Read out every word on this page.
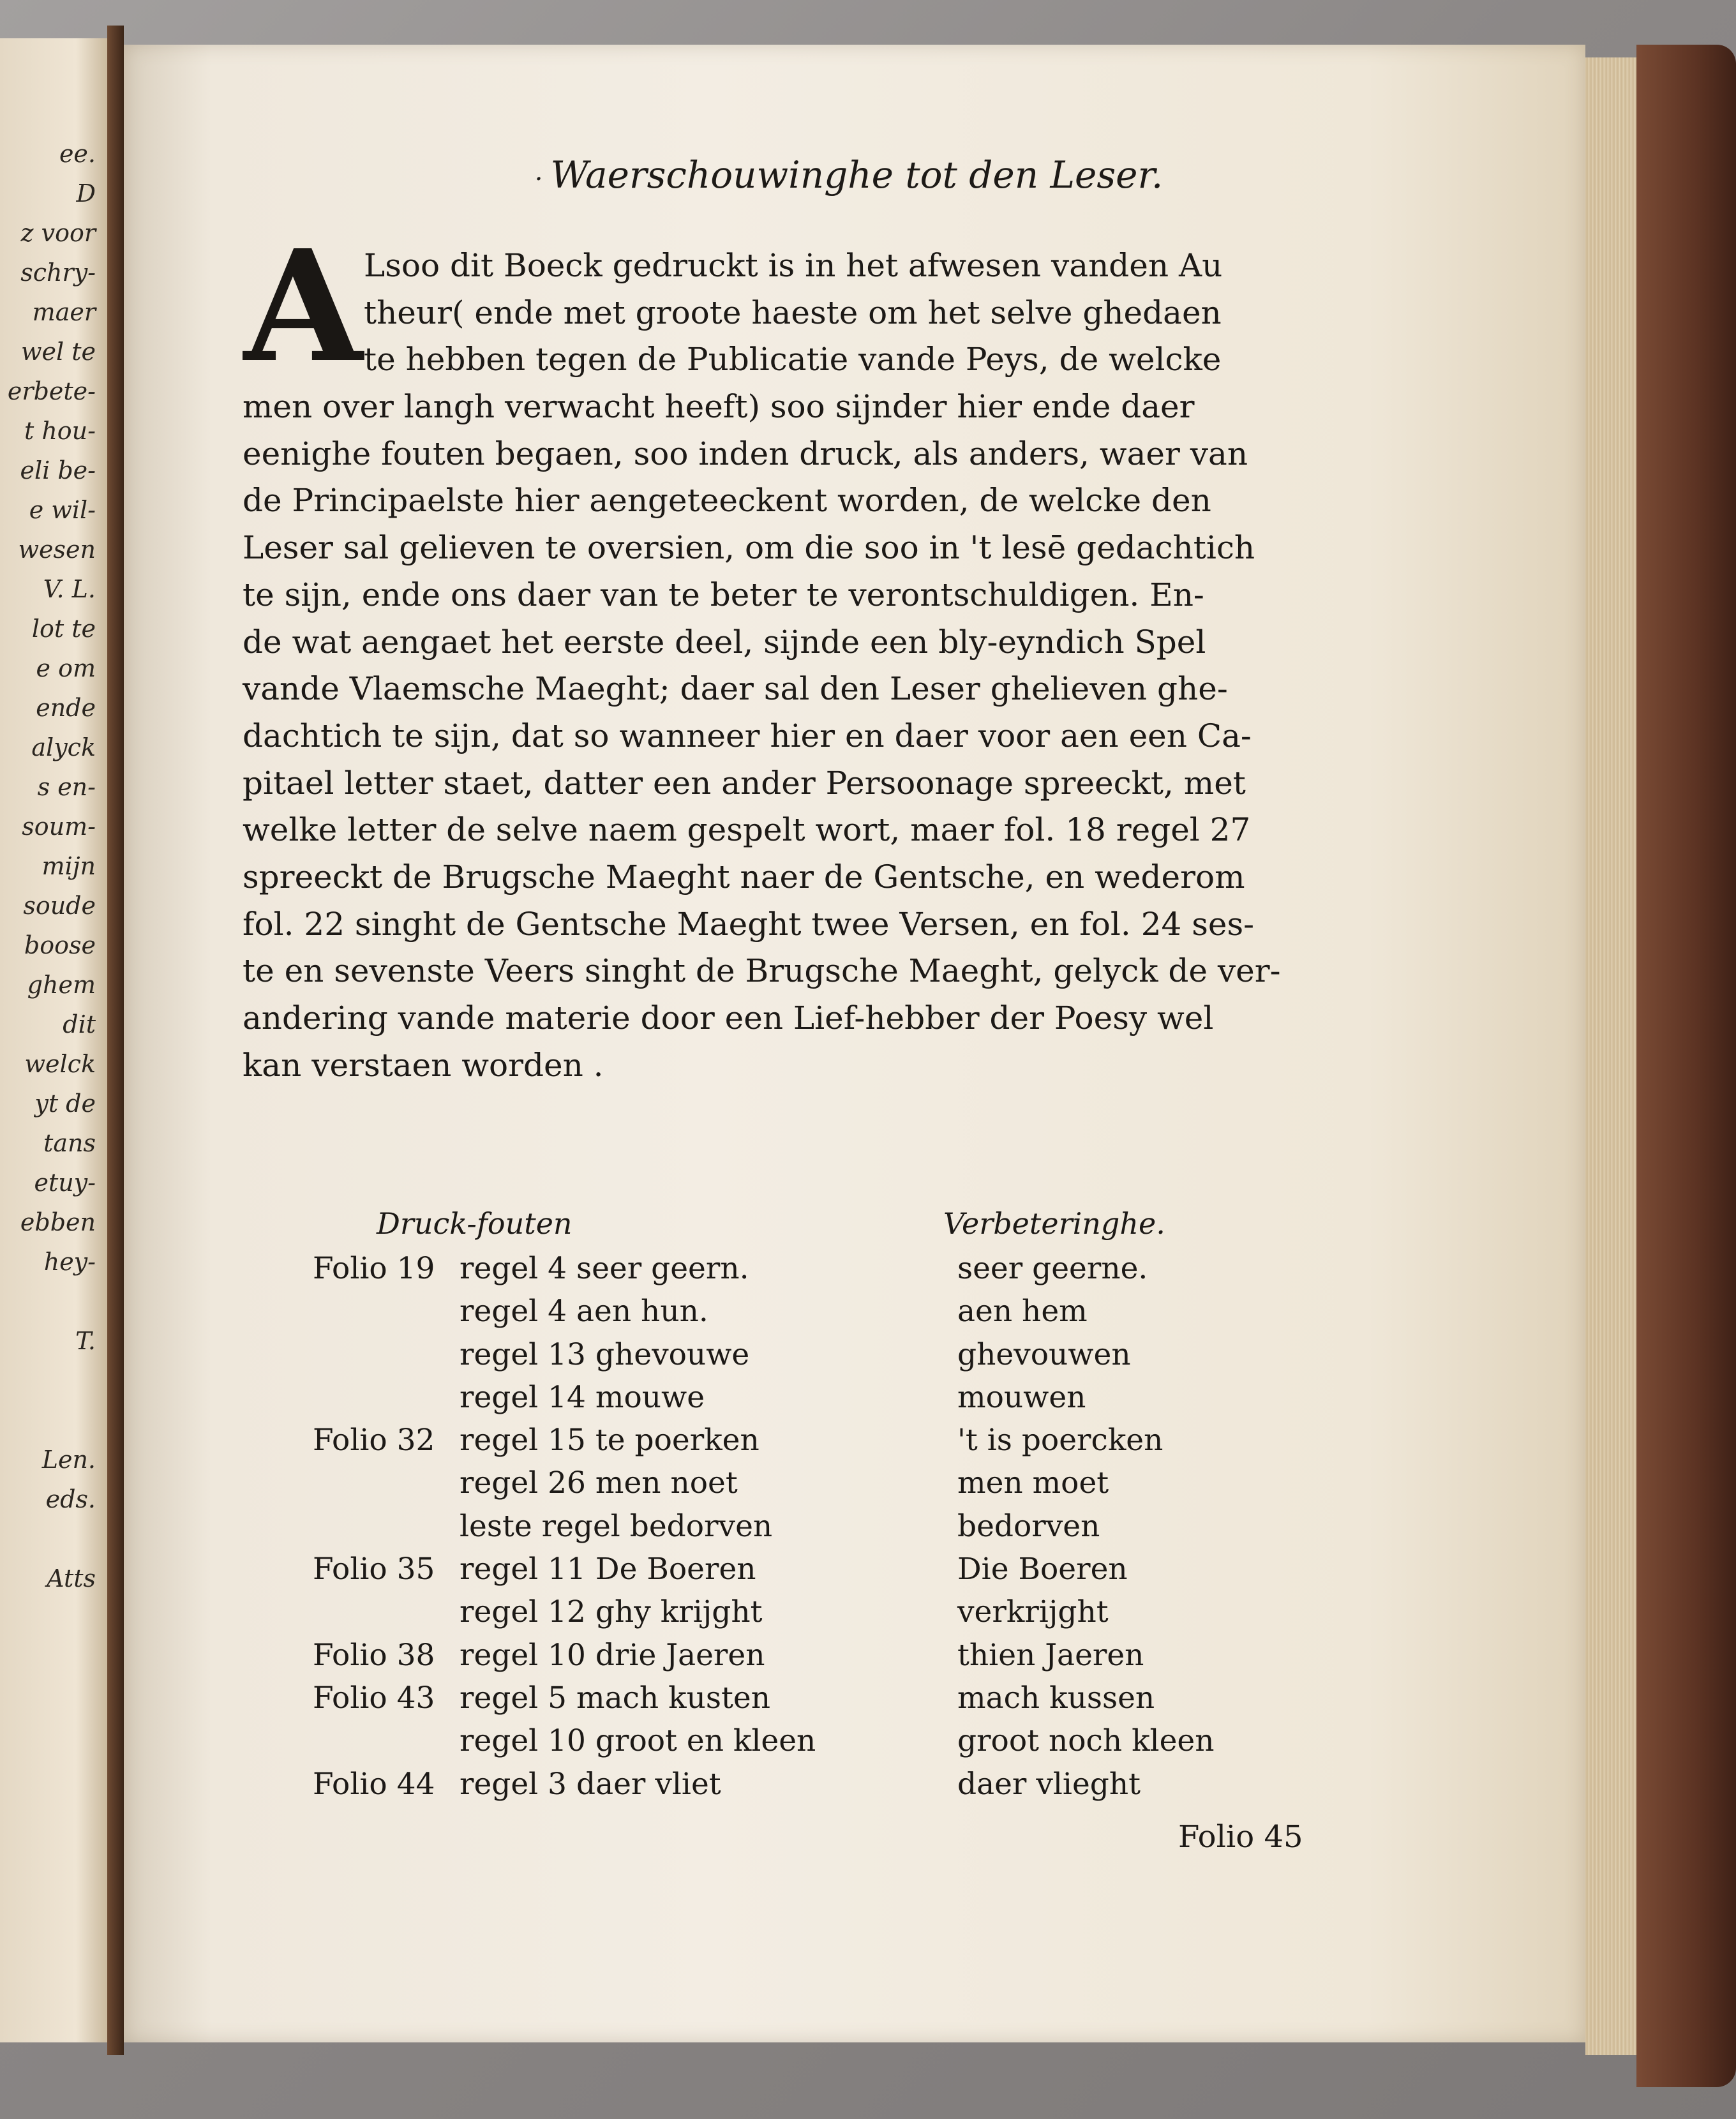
ee.
D
z voor
schry-
maer
wel te
erbete-
t hou-
eli be-
e wil-
wesen
V. L.
lot te
e om
ende
alyck
s en-
soum-
mijn
soude
boose
ghem
dit
welck
yt de
tans
etuy-
ebben
hey-
T.
Len.
eds.
Atts
· Waerschouwinghe tot den Leser.
A Lsoo dit Boeck gedruckt is in het afwesen vanden Au
theur( ende met groote haeste om het selve ghedaen
te hebben tegen de Publicatie vande Peys, de welcke
men over langh verwacht heeft) soo sijnder hier ende daer
eenighe fouten begaen, soo inden druck, als anders, waer van
de Principaelste hier aengeteeckent worden, de welcke den
Leser sal gelieven te oversien, om die soo in 't lesē gedachtich
te sijn, ende ons daer van te beter te verontschuldigen. En-
de wat aengaet het eerste deel, sijnde een bly-eyndich Spel
vande Vlaemsche Maeght; daer sal den Leser ghelieven ghe-
dachtich te sijn, dat so wanneer hier en daer voor aen een Ca-
pitael letter staet, datter een ander Persoonage spreeckt, met
welke letter de selve naem gespelt wort, maer fol. 18 regel 27
spreeckt de Brugsche Maeght naer de Gentsche, en wederom
fol. 22 singht de Gentsche Maeght twee Versen, en fol. 24 ses-
te en sevenste Veers singht de Brugsche Maeght, gelyck de ver-
andering vande materie door een Lief-hebber der Poesy wel
kan verstaen worden .
Druck-fouten	Verbeteringhe.
Folio 19 regel 4 seer geern.	seer geerne.
regel 4 aen hun.	aen hem
regel 13 ghevouwe	ghevouwen
regel 14 mouwe	mouwen
Folio 32 regel 15 te poerken	't is poercken
regel 26 men noet	men moet
leste regel bedorven	bedorven
Folio 35 regel 11 De Boeren	Die Boeren
regel 12 ghy krijght	verkrijght
Folio 38 regel 10 drie Jaeren	thien Jaeren
Folio 43 regel 5 mach kusten	mach kussen
regel 10 groot en kleen	groot noch kleen
Folio 44 regel 3 daer vliet	daer vlieght
Folio 45
